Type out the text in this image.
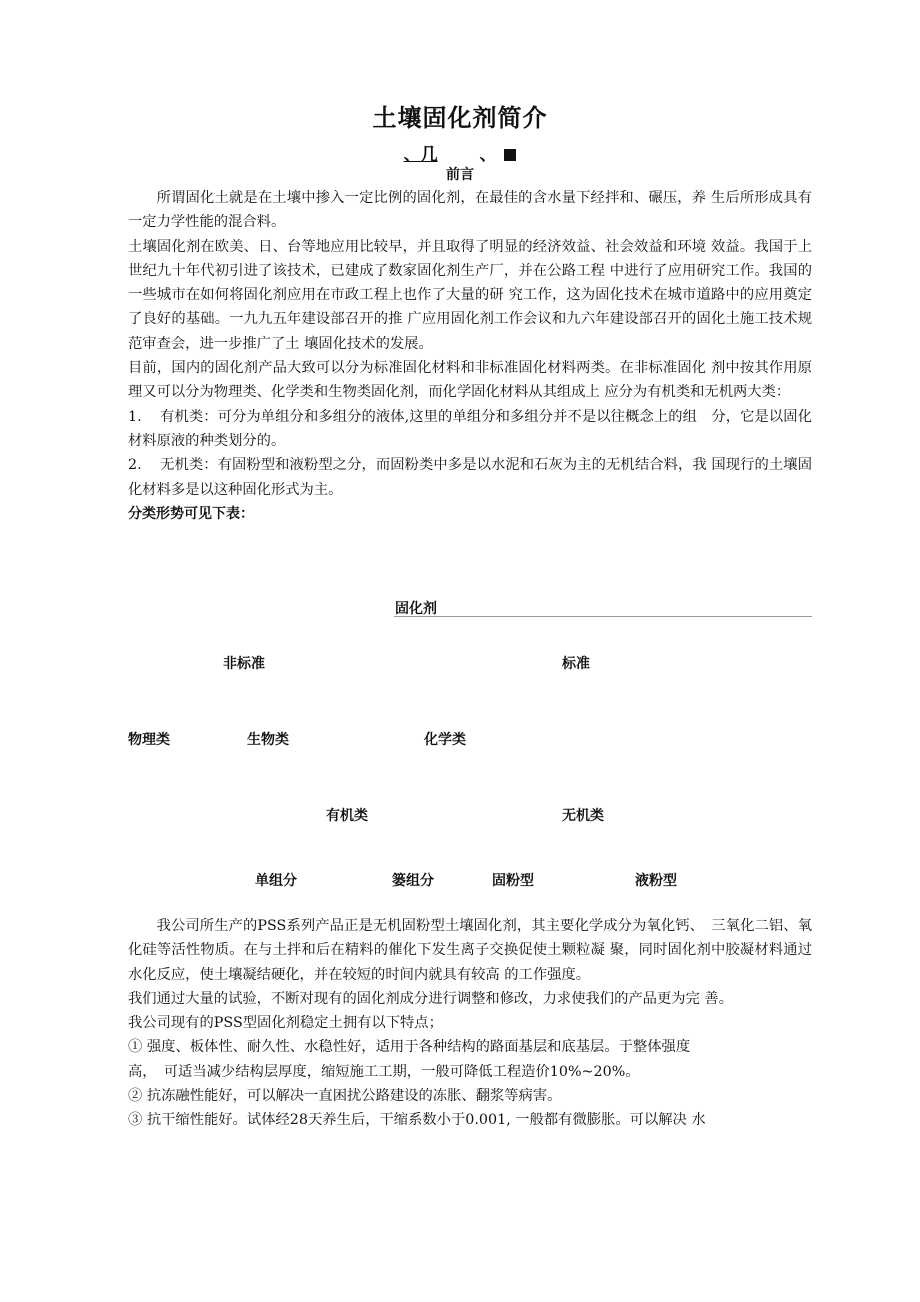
土壤固化剂简介
、几 、
前言

所谓固化土就是在土壤中掺入一定比例的固化剂，在最佳的含水量下经拌和、碾压，养 生后所形成具有一定力学性能的混合料。

土壤固化剂在欧美、日、台等地应用比较早，并且取得了明显的经济效益、社会效益和环境 效益。我国于上世纪九十年代初引进了该技术，已建成了数家固化剂生产厂，并在公路工程 中进行了应用研究工作。我国的一些城市在如何将固化剂应用在市政工程上也作了大量的研 究工作，这为固化技术在城市道路中的应用奠定了良好的基础。一九九五年建设部召开的推 广应用固化剂工作会议和九六年建设部召开的固化土施工技术规范审查会，进一步推广了土 壤固化技术的发展。

目前，国内的固化剂产品大致可以分为标准固化材料和非标准固化材料两类。在非标准固化 剂中按其作用原理又可以分为物理类、化学类和生物类固化剂，而化学固化材料从其组成上 应分为有机类和无机两大类：

1. 有机类：可分为单组分和多组分的液体,这里的单组分和多组分并不是以往概念上的组　分，它是以固化材料原液的种类划分的。

2. 无机类：有固粉型和液粉型之分，而固粉类中多是以水泥和石灰为主的无机结合料，我 国现行的土壤固化材料多是以这种固化形式为主。

分类形势可见下表：

固化剂
非标准	标准
物理类	生物类	化学类
有机类	无机类
单组分	篓组分	固粉型	液粉型

我公司所生产的PSS系列产品正是无机固粉型土壤固化剂，其主要化学成分为氧化钙、　三氧化二铝、氧化硅等活性物质。在与土拌和后在精料的催化下发生离子交换促使土颗粒凝 聚，同时固化剂中胶凝材料通过水化反应，使土壤凝结硬化，并在较短的时间内就具有较高 的工作强度。

我们通过大量的试验，不断对现有的固化剂成分进行调整和修改，力求使我们的产品更为完 善。

我公司现有的PSS型固化剂稳定土拥有以下特点；

① 强度、板体性、耐久性、水稳性好，适用于各种结构的路面基层和底基层。于整体强度

高，　可适当减少结构层厚度，缩短施工工期，一般可降低工程造价10%~20%。

② 抗冻融性能好，可以解决一直困扰公路建设的冻胀、翻浆等病害。

③ 抗干缩性能好。试体经28天养生后，干缩系数小于0.001, 一般都有微膨胀。可以解决 水
